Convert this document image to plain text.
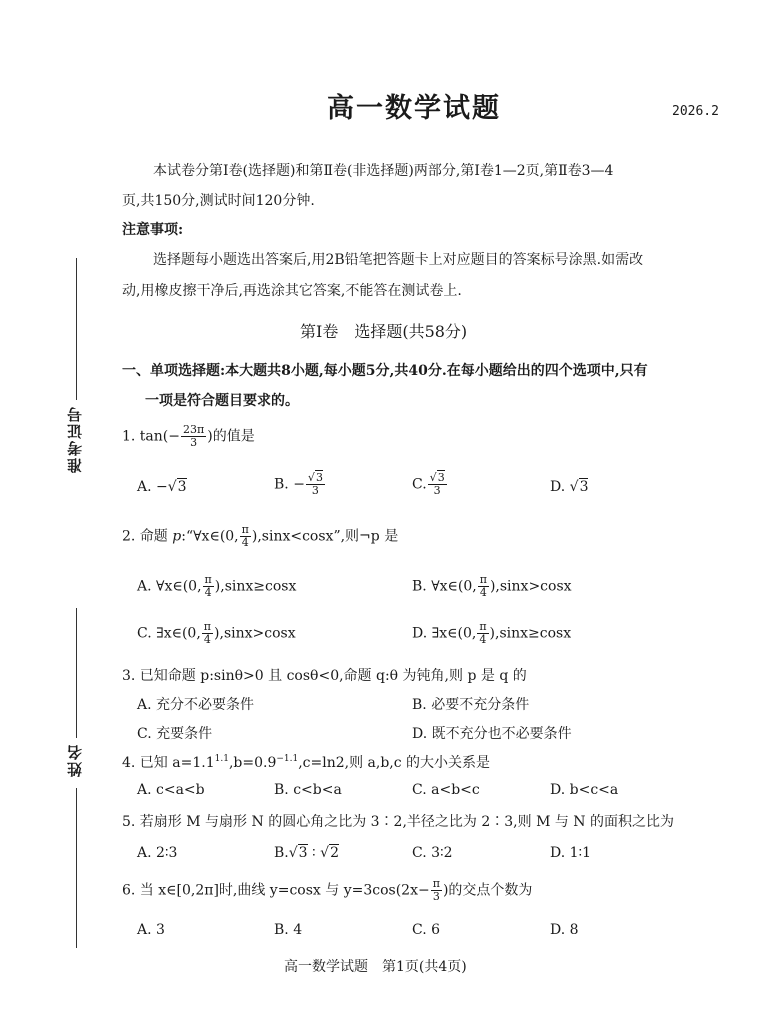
高一数学试题	2026.2
本试卷分第Ⅰ卷(选择题)和第Ⅱ卷(非选择题)两部分,第Ⅰ卷1—2页,第Ⅱ卷3—4
页,共150分,测试时间120分钟.
注意事项:
选择题每小题选出答案后,用2B铅笔把答题卡上对应题目的答案标号涂黑.如需改
动,用橡皮擦干净后,再选涂其它答案,不能答在测试卷上.
第Ⅰ卷　选择题(共58分)
一、单项选择题:本大题共8小题,每小题5分,共40分.在每小题给出的四个选项中,只有
一项是符合题目要求的。
准考证号
姓名
1. $\tan(- \frac{23\pi}{3}$ )的值是
A. −√3	B. − $\frac{√3}{3}$	C. $\frac{√3}{3}$	D. √3
2. 命题 p:“∀x∈(0, $\frac{\pi}{4} ),\sin x<\cos x$”,则¬p 是
A. ∀x∈(0, $\frac{\pi}{4} ),\sin x\ge\cos x$	B. ∀x∈(0, $\frac{\pi}{4} ),\sin x>\cos x$
C. ∃x∈(0, $\frac{\pi}{4} ),\sin x>\cos x$	D. ∃x∈(0, $\frac{\pi}{4} ),\sin x\ge\cos x$
3. 已知命题 p:sinθ>0 且 cosθ<0,命题 q:θ 为钝角,则 p 是 q 的
A. 充分不必要条件	B. 必要不充分条件
C. 充要条件	D. 既不充分也不必要条件
4. 已知 $a=1.1^{1.1},b=0.9^{-1.1},c=\ln 2$,则 a,b,c 的大小关系是
A. c<a<b	B. c<b<a	C. a<b<c	D. b<c<a
5. 若扇形 M 与扇形 N 的圆心角之比为 3∶2,半径之比为 2∶3,则 M 与 N 的面积之比为
A. 2∶3	B.√3 ∶ √2	C. 3∶2	D. 1∶1
6. 当 x∈[0,2π]时,曲线 y=cosx 与 $y=3\cos(2x- \frac{\pi}{3}$ )的交点个数为
A. 3	B. 4	C. 6	D. 8
高一数学试题　第1页(共4页)
